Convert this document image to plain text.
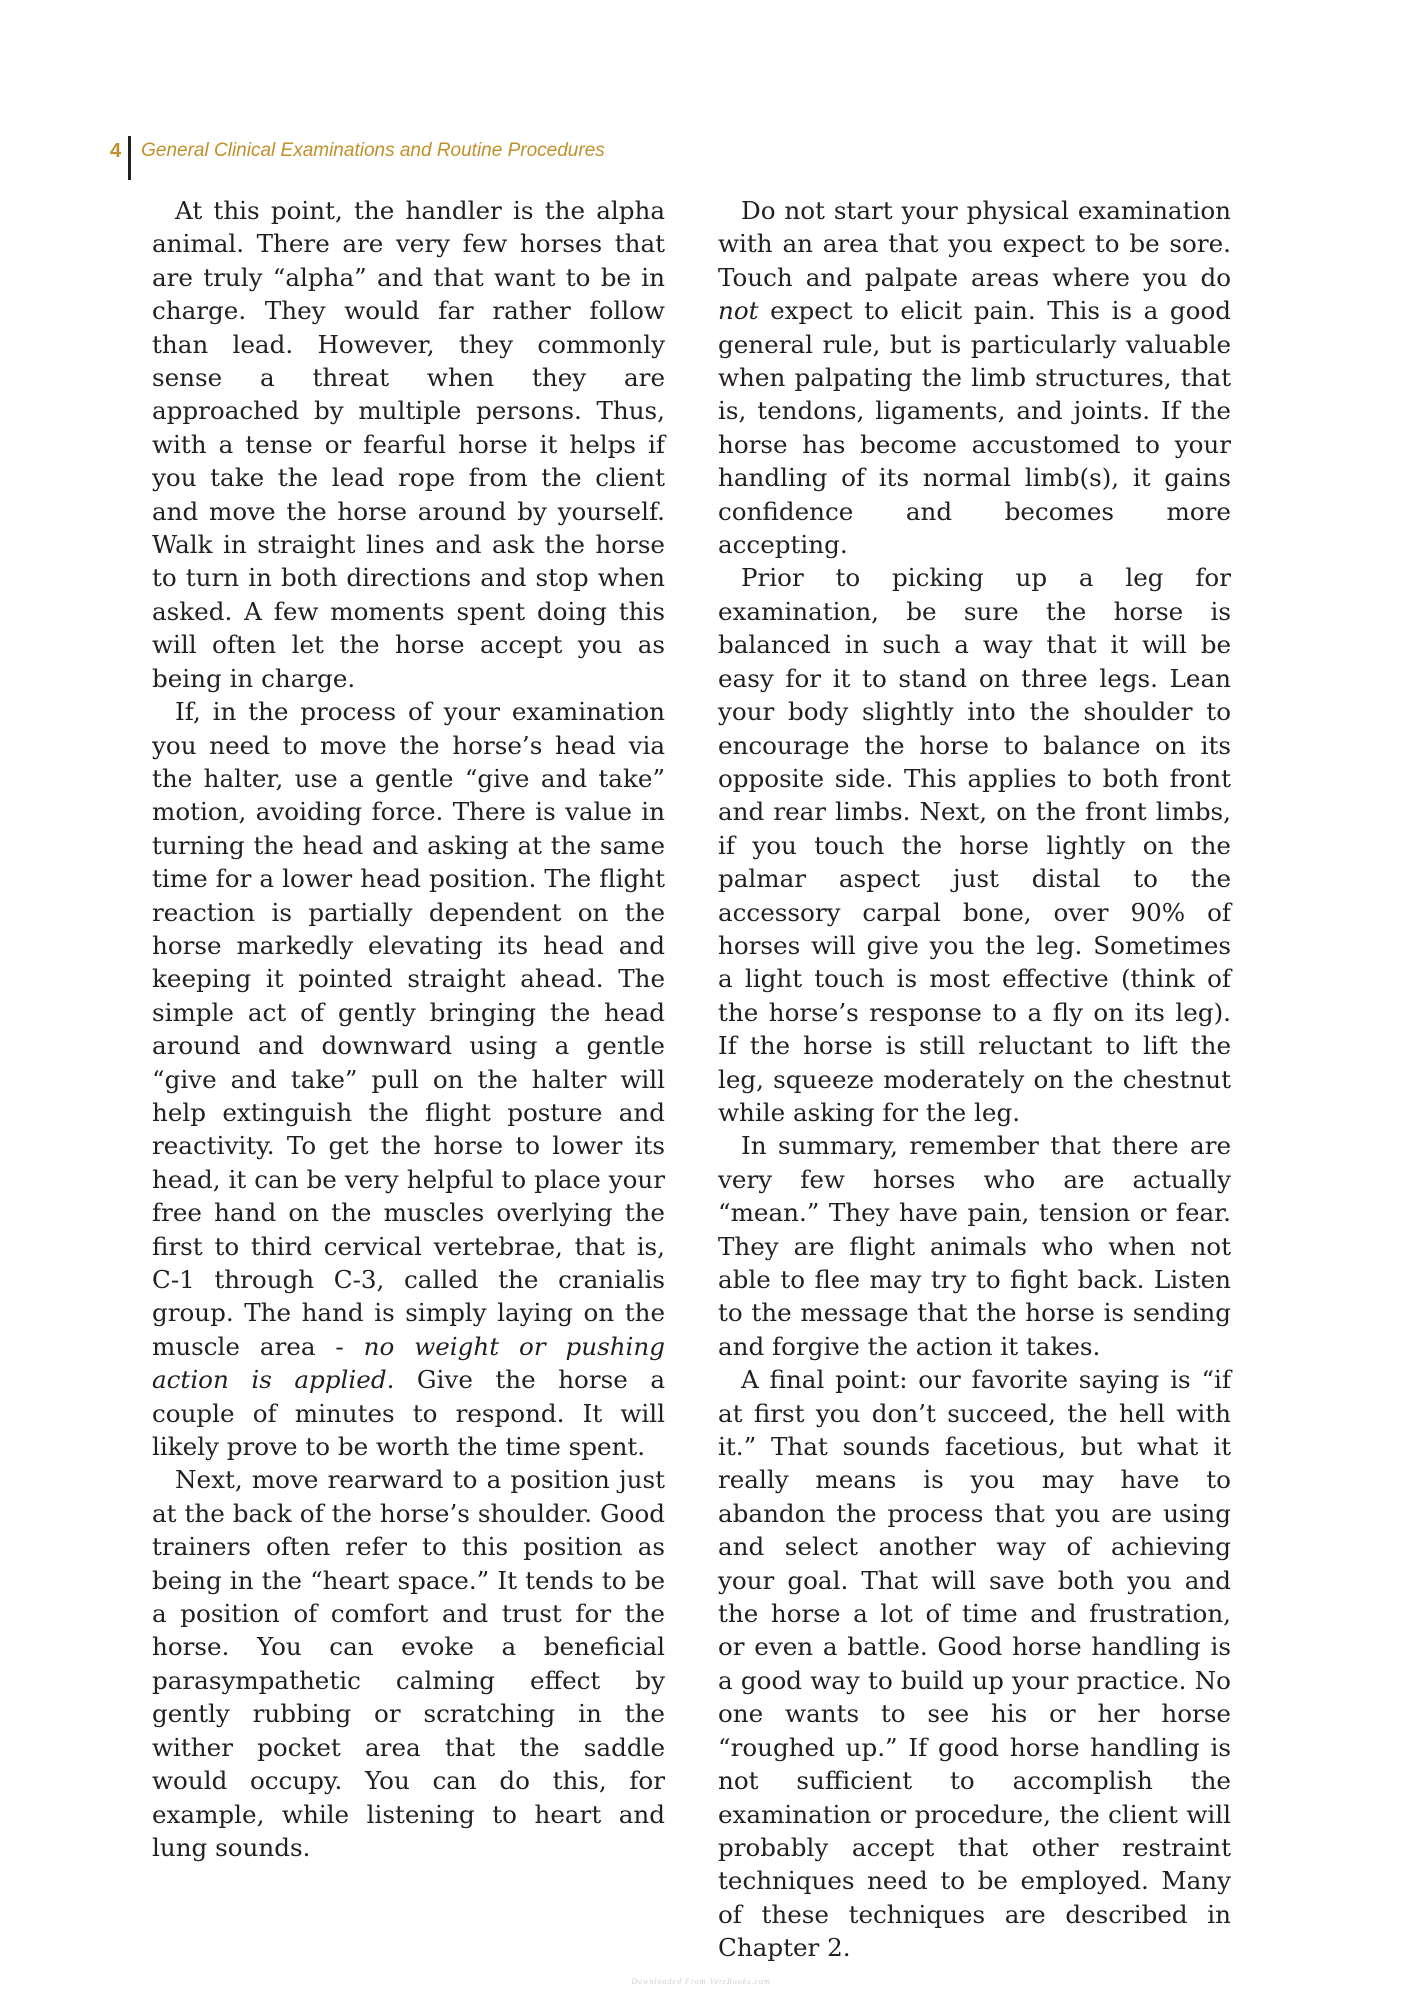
4	General Clinical Examinations and Routine Procedures

At this point, the handler is the alpha animal. There are very few horses that are truly “alpha” and that want to be in charge. They would far rather follow than lead. However, they commonly sense a threat when they are approached by multiple persons. Thus, with a tense or fearful horse it helps if you take the lead rope from the client and move the horse around by yourself. Walk in straight lines and ask the horse to turn in both directions and stop when asked. A few moments spent doing this will often let the horse accept you as being in charge.

If, in the process of your examination you need to move the horse’s head via the halter, use a gentle “give and take” motion, avoiding force. There is value in turning the head and asking at the same time for a lower head position. The flight reaction is partially dependent on the horse markedly elevating its head and keeping it pointed straight ahead. The simple act of gently bringing the head around and downward using a gentle “give and take” pull on the halter will help extinguish the flight posture and reactivity. To get the horse to lower its head, it can be very helpful to place your free hand on the muscles overlying the first to third cervical vertebrae, that is, C-1 through C-3, called the cranialis group. The hand is simply laying on the muscle area - no weight or pushing action is applied. Give the horse a couple of minutes to respond. It will likely prove to be worth the time spent.

Next, move rearward to a position just at the back of the horse’s shoulder. Good trainers often refer to this position as being in the “heart space.” It tends to be a position of comfort and trust for the horse. You can evoke a beneficial parasympathetic calming effect by gently rubbing or scratching in the wither pocket area that the saddle would occupy. You can do this, for example, while listening to heart and lung sounds.

Do not start your physical examination with an area that you expect to be sore. Touch and palpate areas where you do not expect to elicit pain. This is a good general rule, but is particularly valuable when palpating the limb structures, that is, tendons, ligaments, and joints. If the horse has become accustomed to your handling of its normal limb(s), it gains confidence and becomes more accepting.

Prior to picking up a leg for examination, be sure the horse is balanced in such a way that it will be easy for it to stand on three legs. Lean your body slightly into the shoulder to encourage the horse to balance on its opposite side. This applies to both front and rear limbs. Next, on the front limbs, if you touch the horse lightly on the palmar aspect just distal to the accessory carpal bone, over 90% of horses will give you the leg. Sometimes a light touch is most effective (think of the horse’s response to a fly on its leg). If the horse is still reluctant to lift the leg, squeeze moderately on the chestnut while asking for the leg.

In summary, remember that there are very few horses who are actually “mean.” They have pain, tension or fear. They are flight animals who when not able to flee may try to fight back. Listen to the message that the horse is sending and forgive the action it takes.

A final point: our favorite saying is “if at first you don’t succeed, the hell with it.” That sounds facetious, but what it really means is you may have to abandon the process that you are using and select another way of achieving your goal. That will save both you and the horse a lot of time and frustration, or even a battle. Good horse handling is a good way to build up your practice. No one wants to see his or her horse “roughed up.” If good horse handling is not sufficient to accomplish the examination or procedure, the client will probably accept that other restraint techniques need to be employed. Many of these techniques are described in Chapter 2.

Downloaded From VeteBooks.com
